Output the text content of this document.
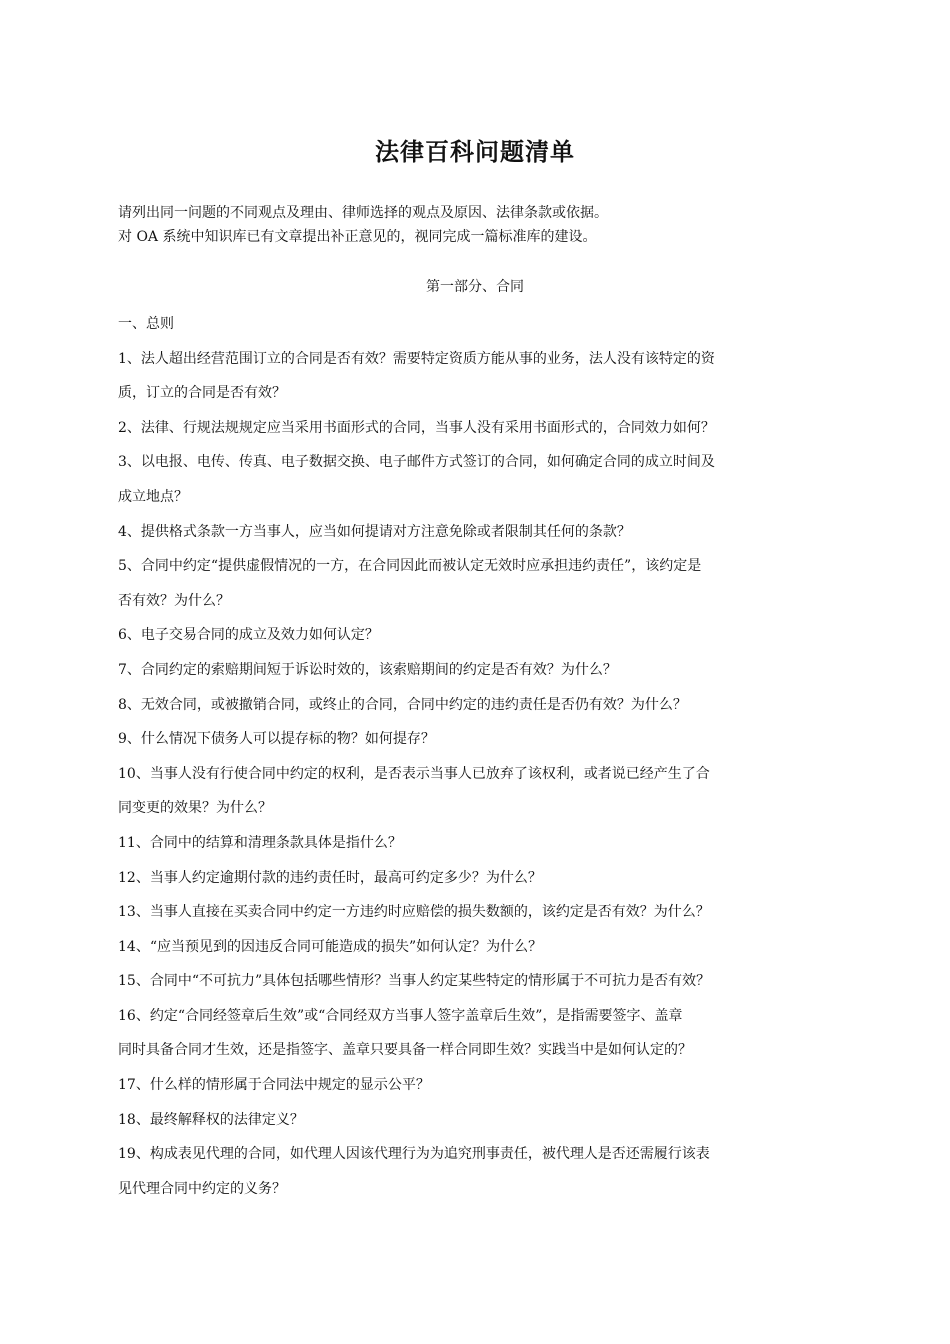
法律百科问题清单
请列出同一问题的不同观点及理由、律师选择的观点及原因、法律条款或依据。
对 OA 系统中知识库已有文章提出补正意见的，视同完成一篇标准库的建设。
第一部分、合同
一、总则
1、法人超出经营范围订立的合同是否有效？需要特定资质方能从事的业务，法人没有该特定的资
质，订立的合同是否有效？
2、法律、行规法规规定应当采用书面形式的合同，当事人没有采用书面形式的，合同效力如何？
3、以电报、电传、传真、电子数据交换、电子邮件方式签订的合同，如何确定合同的成立时间及
成立地点？
4、提供格式条款一方当事人，应当如何提请对方注意免除或者限制其任何的条款？
5、合同中约定“提供虚假情况的一方，在合同因此而被认定无效时应承担违约责任”，该约定是
否有效？为什么？
6、电子交易合同的成立及效力如何认定？
7、合同约定的索赔期间短于诉讼时效的，该索赔期间的约定是否有效？为什么？
8、无效合同，或被撤销合同，或终止的合同，合同中约定的违约责任是否仍有效？为什么？
9、什么情况下债务人可以提存标的物？如何提存？
10、当事人没有行使合同中约定的权利，是否表示当事人已放弃了该权利，或者说已经产生了合
同变更的效果？为什么？
11、合同中的结算和清理条款具体是指什么？
12、当事人约定逾期付款的违约责任时，最高可约定多少？为什么？
13、当事人直接在买卖合同中约定一方违约时应赔偿的损失数额的，该约定是否有效？为什么？
14、“应当预见到的因违反合同可能造成的损失”如何认定？为什么？
15、合同中“不可抗力”具体包括哪些情形？当事人约定某些特定的情形属于不可抗力是否有效？
16、约定“合同经签章后生效”或“合同经双方当事人签字盖章后生效”，是指需要签字、盖章
同时具备合同才生效，还是指签字、盖章只要具备一样合同即生效？实践当中是如何认定的？
17、什么样的情形属于合同法中规定的显示公平？
18、最终解释权的法律定义？
19、构成表见代理的合同，如代理人因该代理行为为追究刑事责任，被代理人是否还需履行该表
见代理合同中约定的义务？
